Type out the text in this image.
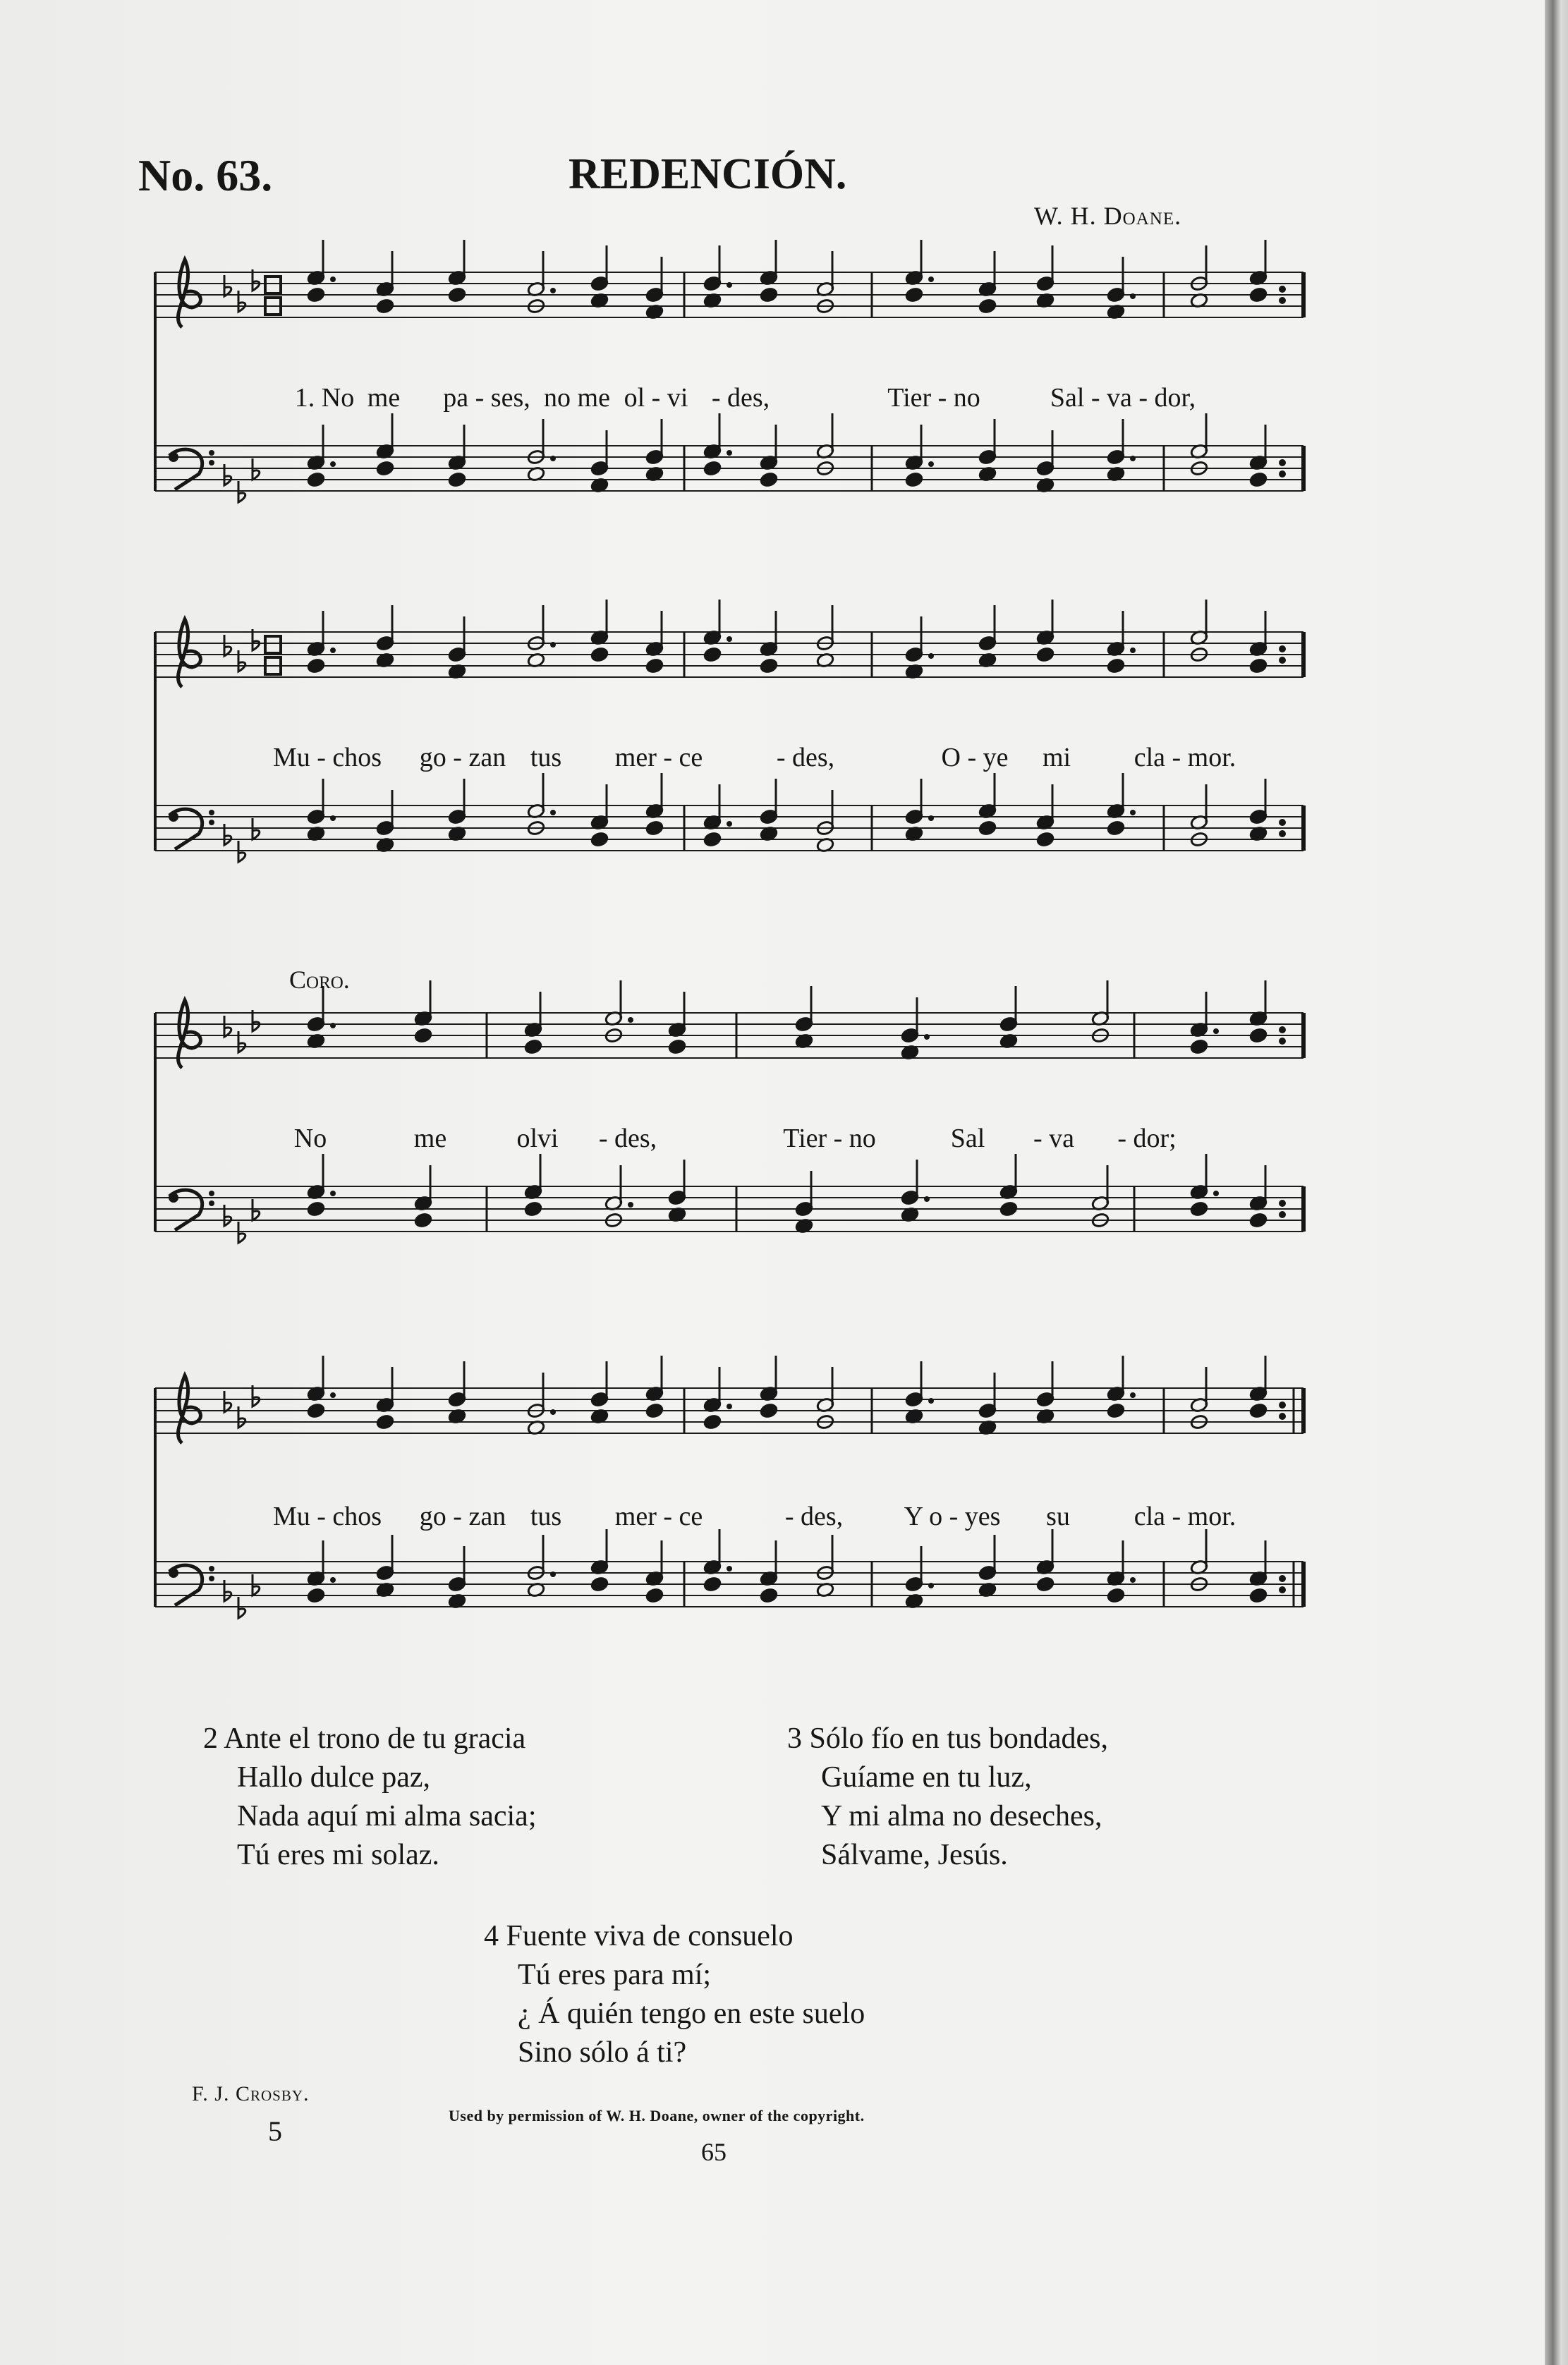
No. 63.	REDENCIÓN.
W. H. Doane.
Coro.
1. No me pa - ses, no me ol - vi - des,	Tier - no	Sal - va - dor,
Mu - chos go - zan tus mer - ce	- des,	O - ye mi cla - mor.
No	me	olvi - des,	Tier - no	Sal - va - dor;
Mu - chos go - zan tus mer - ce	- des, Y o - yes su cla - mor.
2 Ante el trono de tu gracia
Hallo dulce paz,
Nada aquí mi alma sacia;
Tú eres mi solaz.
3 Sólo fío en tus bondades,
Guíame en tu luz,
Y mi alma no deseches,
Sálvame, Jesús.
4 Fuente viva de consuelo
Tú eres para mí;
¿ Á quién tengo en este suelo
Sino sólo á ti?
F. J. Crosby.
5	Used by permission of W. H. Doane, owner of the copyright.
65
